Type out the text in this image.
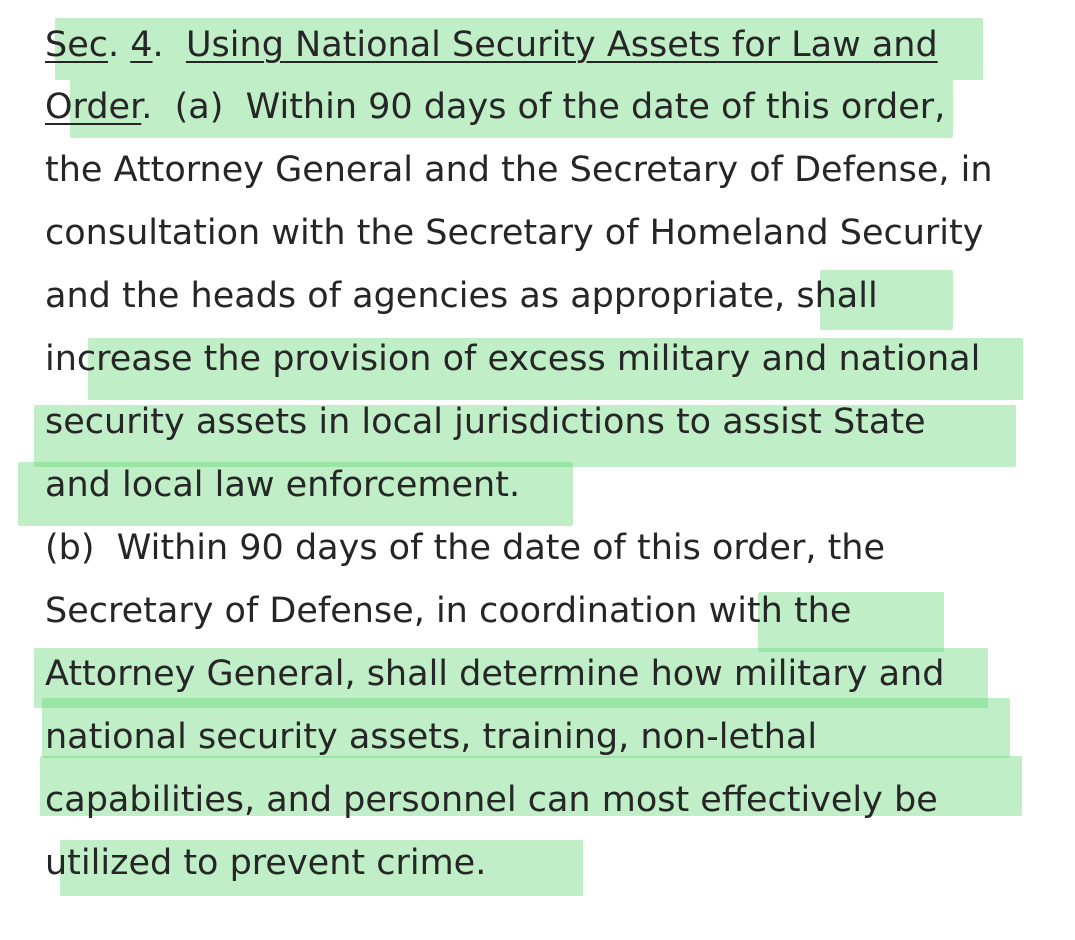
Sec. 4.  Using National Security Assets for Law and
Order.  (a)  Within 90 days of the date of this order,
the Attorney General and the Secretary of Defense, in
consultation with the Secretary of Homeland Security
and the heads of agencies as appropriate, shall
increase the provision of excess military and national
security assets in local jurisdictions to assist State
and local law enforcement.
(b)  Within 90 days of the date of this order, the
Secretary of Defense, in coordination with the
Attorney General, shall determine how military and
national security assets, training, non-lethal
capabilities, and personnel can most effectively be
utilized to prevent crime.
